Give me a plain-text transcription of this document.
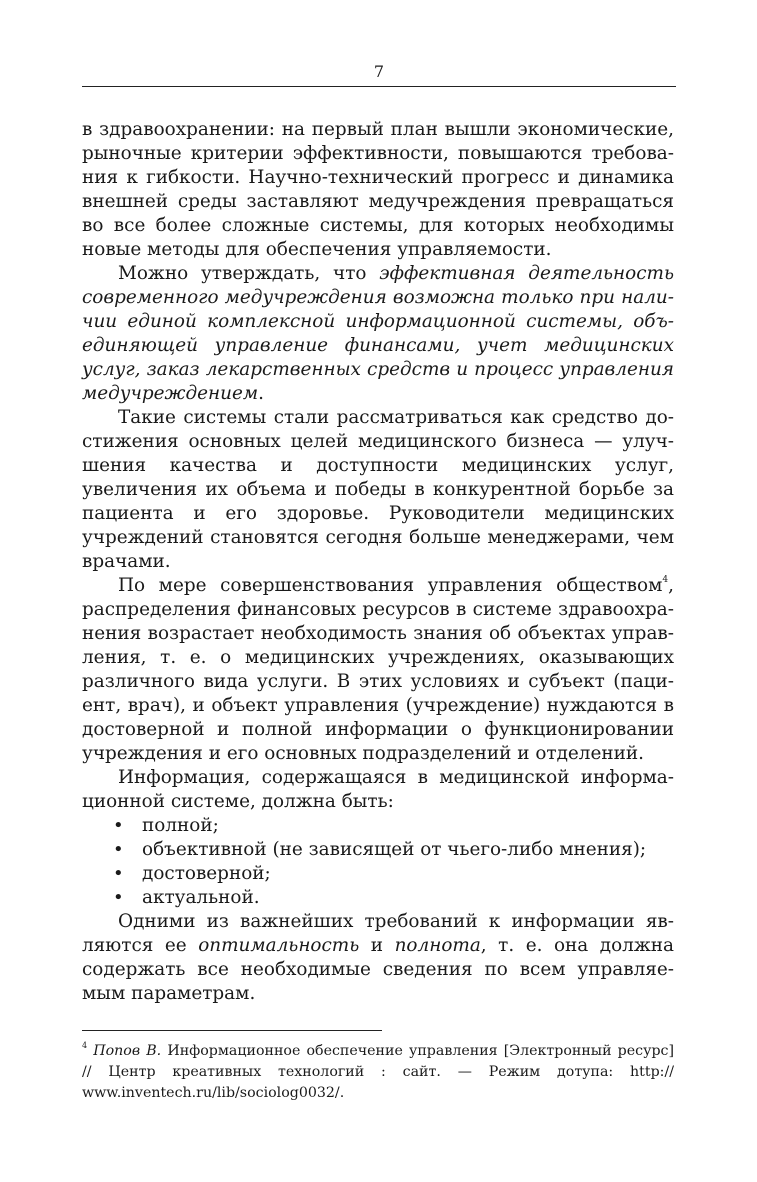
7

в здравоохранении: на первый план вышли экономические, рыночные критерии эффективности, повышаются требования к гибкости. Научно-технический прогресс и динамика внешней среды заставляют медучреждения превращаться во все более сложные системы, для которых необходимы новые методы для обеспечения управляемости.

Можно утверждать, что эффективная деятельность современного медучреждения возможна только при наличии единой комплексной информационной системы, объединяющей управление финансами, учет медицинских услуг, заказ лекарственных средств и процесс управления медучреждением.

Такие системы стали рассматриваться как средство достижения основных целей медицинского бизнеса — улучшения качества и доступности медицинских услуг, увеличения их объема и победы в конкурентной борьбе за пациента и его здоровье. Руководители медицинских учреждений становятся сегодня больше менеджерами, чем врачами.

По мере совершенствования управления обществом$^4$, распределения финансовых ресурсов в системе здравоохранения возрастает необходимость знания об объектах управления, т. е. о медицинских учреждениях, оказывающих различного вида услуги. В этих условиях и субъект (пациент, врач), и объект управления (учреждение) нуждаются в достоверной и полной информации о функционировании учреждения и его основных подразделений и отделений.

Информация, содержащаяся в медицинской информационной системе, должна быть:

• полной;
• объективной (не зависящей от чьего-либо мнения);
• достоверной;
• актуальной.

Одними из важнейших требований к информации являются ее оптимальность и полнота, т. е. она должна содержать все необходимые сведения по всем управляемым параметрам.

$^4$ Попов В. Информационное обеспечение управления [Электронный ресурс] // Центр креативных технологий : сайт. — Режим дотупа: http:// www.inventech.ru/lib/sociolog0032/.
